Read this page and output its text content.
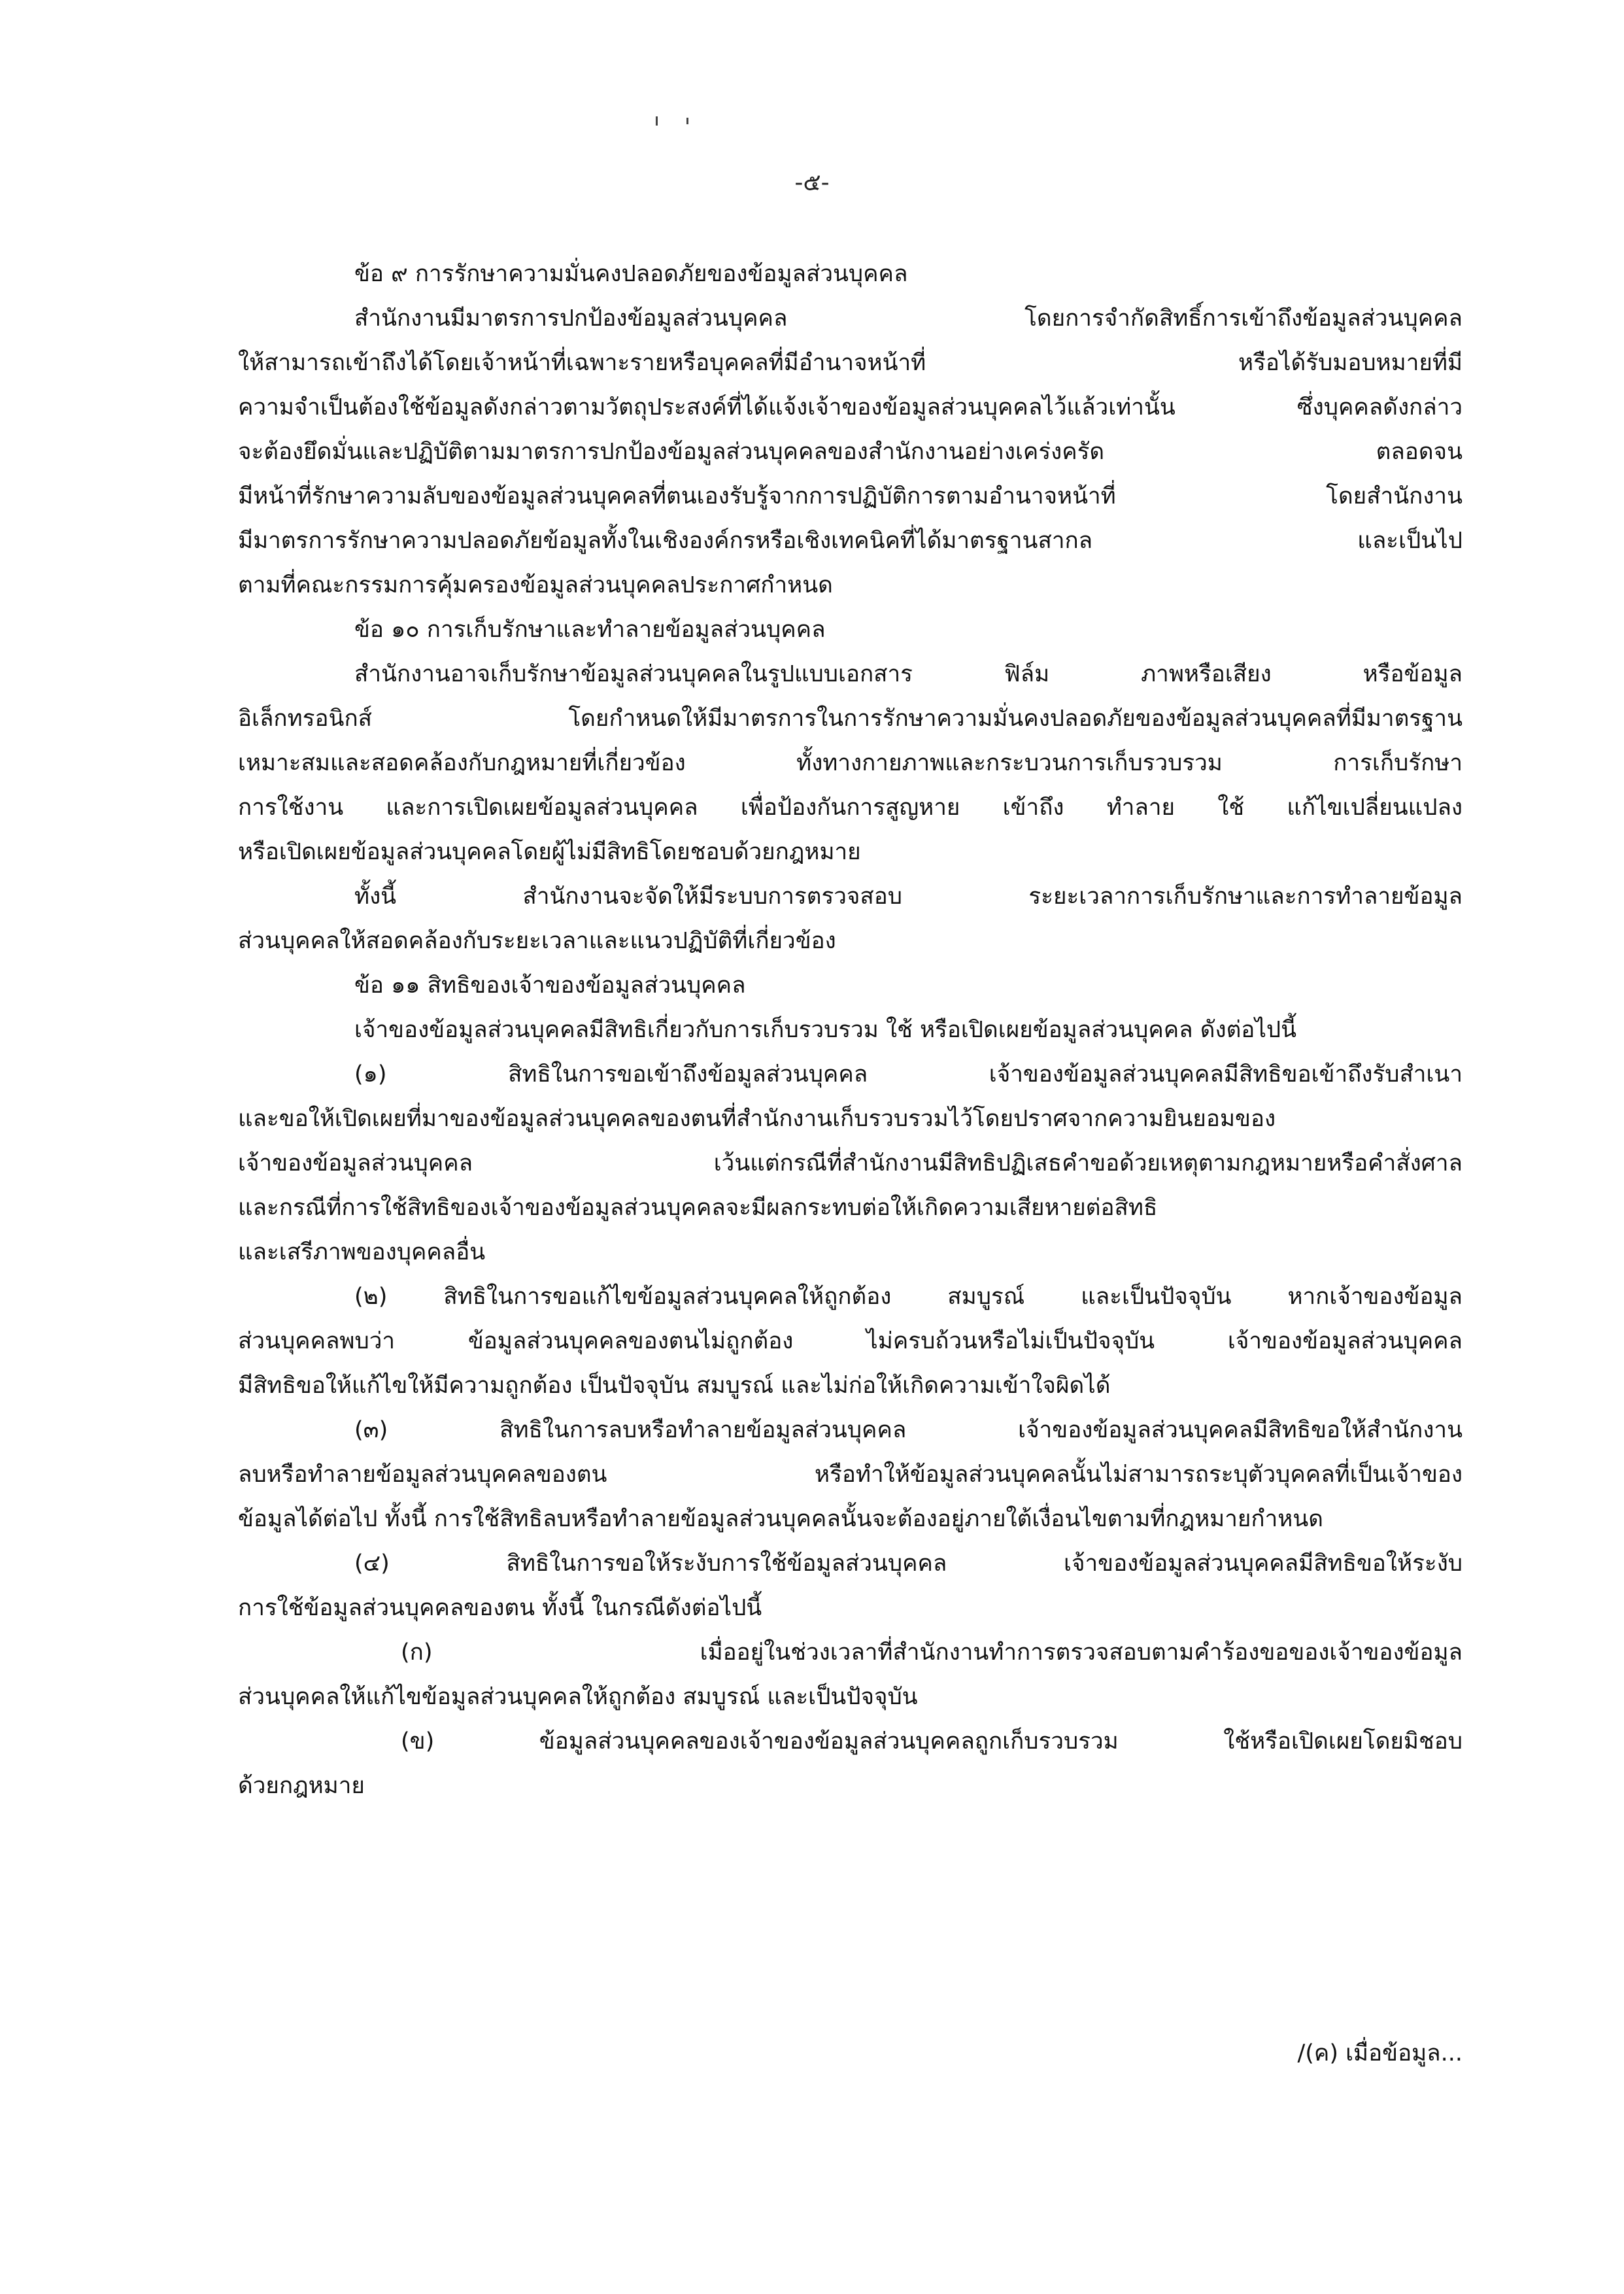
-๕-
ข้อ ๙ การรักษาความมั่นคงปลอดภัยของข้อมูลส่วนบุคคล
สำนักงานมีมาตรการปกป้องข้อมูลส่วนบุคคล โดยการจำกัดสิทธิ์การเข้าถึงข้อมูลส่วนบุคคล
ให้สามารถเข้าถึงได้โดยเจ้าหน้าที่เฉพาะรายหรือบุคคลที่มีอำนาจหน้าที่ หรือได้รับมอบหมายที่มี
ความจำเป็นต้องใช้ข้อมูลดังกล่าวตามวัตถุประสงค์ที่ได้แจ้งเจ้าของข้อมูลส่วนบุคคลไว้แล้วเท่านั้น ซึ่งบุคคลดังกล่าว
จะต้องยึดมั่นและปฏิบัติตามมาตรการปกป้องข้อมูลส่วนบุคคลของสำนักงานอย่างเคร่งครัด ตลอดจน
มีหน้าที่รักษาความลับของข้อมูลส่วนบุคคลที่ตนเองรับรู้จากการปฏิบัติการตามอำนาจหน้าที่ โดยสำนักงาน
มีมาตรการรักษาความปลอดภัยข้อมูลทั้งในเชิงองค์กรหรือเชิงเทคนิคที่ได้มาตรฐานสากล และเป็นไป
ตามที่คณะกรรมการคุ้มครองข้อมูลส่วนบุคคลประกาศกำหนด
ข้อ ๑๐ การเก็บรักษาและทำลายข้อมูลส่วนบุคคล
สำนักงานอาจเก็บรักษาข้อมูลส่วนบุคคลในรูปแบบเอกสาร ฟิล์ม ภาพหรือเสียง หรือข้อมูล
อิเล็กทรอนิกส์ โดยกำหนดให้มีมาตรการในการรักษาความมั่นคงปลอดภัยของข้อมูลส่วนบุคคลที่มีมาตรฐาน
เหมาะสมและสอดคล้องกับกฎหมายที่เกี่ยวข้อง ทั้งทางกายภาพและกระบวนการเก็บรวบรวม การเก็บรักษา
การใช้งาน และการเปิดเผยข้อมูลส่วนบุคคล เพื่อป้องกันการสูญหาย เข้าถึง ทำลาย ใช้ แก้ไขเปลี่ยนแปลง
หรือเปิดเผยข้อมูลส่วนบุคคลโดยผู้ไม่มีสิทธิโดยชอบด้วยกฎหมาย
ทั้งนี้ สำนักงานจะจัดให้มีระบบการตรวจสอบ ระยะเวลาการเก็บรักษาและการทำลายข้อมูล
ส่วนบุคคลให้สอดคล้องกับระยะเวลาและแนวปฏิบัติที่เกี่ยวข้อง
ข้อ ๑๑ สิทธิของเจ้าของข้อมูลส่วนบุคคล
เจ้าของข้อมูลส่วนบุคคลมีสิทธิเกี่ยวกับการเก็บรวบรวม ใช้ หรือเปิดเผยข้อมูลส่วนบุคคล ดังต่อไปนี้
(๑) สิทธิในการขอเข้าถึงข้อมูลส่วนบุคคล เจ้าของข้อมูลส่วนบุคคลมีสิทธิขอเข้าถึงรับสำเนา
และขอให้เปิดเผยที่มาของข้อมูลส่วนบุคคลของตนที่สำนักงานเก็บรวบรวมไว้โดยปราศจากความยินยอมของ
เจ้าของข้อมูลส่วนบุคคล เว้นแต่กรณีที่สำนักงานมีสิทธิปฏิเสธคำขอด้วยเหตุตามกฎหมายหรือคำสั่งศาล
และกรณีที่การใช้สิทธิของเจ้าของข้อมูลส่วนบุคคลจะมีผลกระทบต่อให้เกิดความเสียหายต่อสิทธิ
และเสรีภาพของบุคคลอื่น
(๒) สิทธิในการขอแก้ไขข้อมูลส่วนบุคคลให้ถูกต้อง สมบูรณ์ และเป็นปัจจุบัน หากเจ้าของข้อมูล
ส่วนบุคคลพบว่า ข้อมูลส่วนบุคคลของตนไม่ถูกต้อง ไม่ครบถ้วนหรือไม่เป็นปัจจุบัน เจ้าของข้อมูลส่วนบุคคล
มีสิทธิขอให้แก้ไขให้มีความถูกต้อง เป็นปัจจุบัน สมบูรณ์ และไม่ก่อให้เกิดความเข้าใจผิดได้
(๓) สิทธิในการลบหรือทำลายข้อมูลส่วนบุคคล เจ้าของข้อมูลส่วนบุคคลมีสิทธิขอให้สำนักงาน
ลบหรือทำลายข้อมูลส่วนบุคคลของตน หรือทำให้ข้อมูลส่วนบุคคลนั้นไม่สามารถระบุตัวบุคคลที่เป็นเจ้าของ
ข้อมูลได้ต่อไป ทั้งนี้ การใช้สิทธิลบหรือทำลายข้อมูลส่วนบุคคลนั้นจะต้องอยู่ภายใต้เงื่อนไขตามที่กฎหมายกำหนด
(๔) สิทธิในการขอให้ระงับการใช้ข้อมูลส่วนบุคคล เจ้าของข้อมูลส่วนบุคคลมีสิทธิขอให้ระงับ
การใช้ข้อมูลส่วนบุคคลของตน ทั้งนี้ ในกรณีดังต่อไปนี้
(ก) เมื่ออยู่ในช่วงเวลาที่สำนักงานทำการตรวจสอบตามคำร้องขอของเจ้าของข้อมูล
ส่วนบุคคลให้แก้ไขข้อมูลส่วนบุคคลให้ถูกต้อง สมบูรณ์ และเป็นปัจจุบัน
(ข) ข้อมูลส่วนบุคคลของเจ้าของข้อมูลส่วนบุคคลถูกเก็บรวบรวม ใช้หรือเปิดเผยโดยมิชอบ
ด้วยกฎหมาย
/(ค) เมื่อข้อมูล...
